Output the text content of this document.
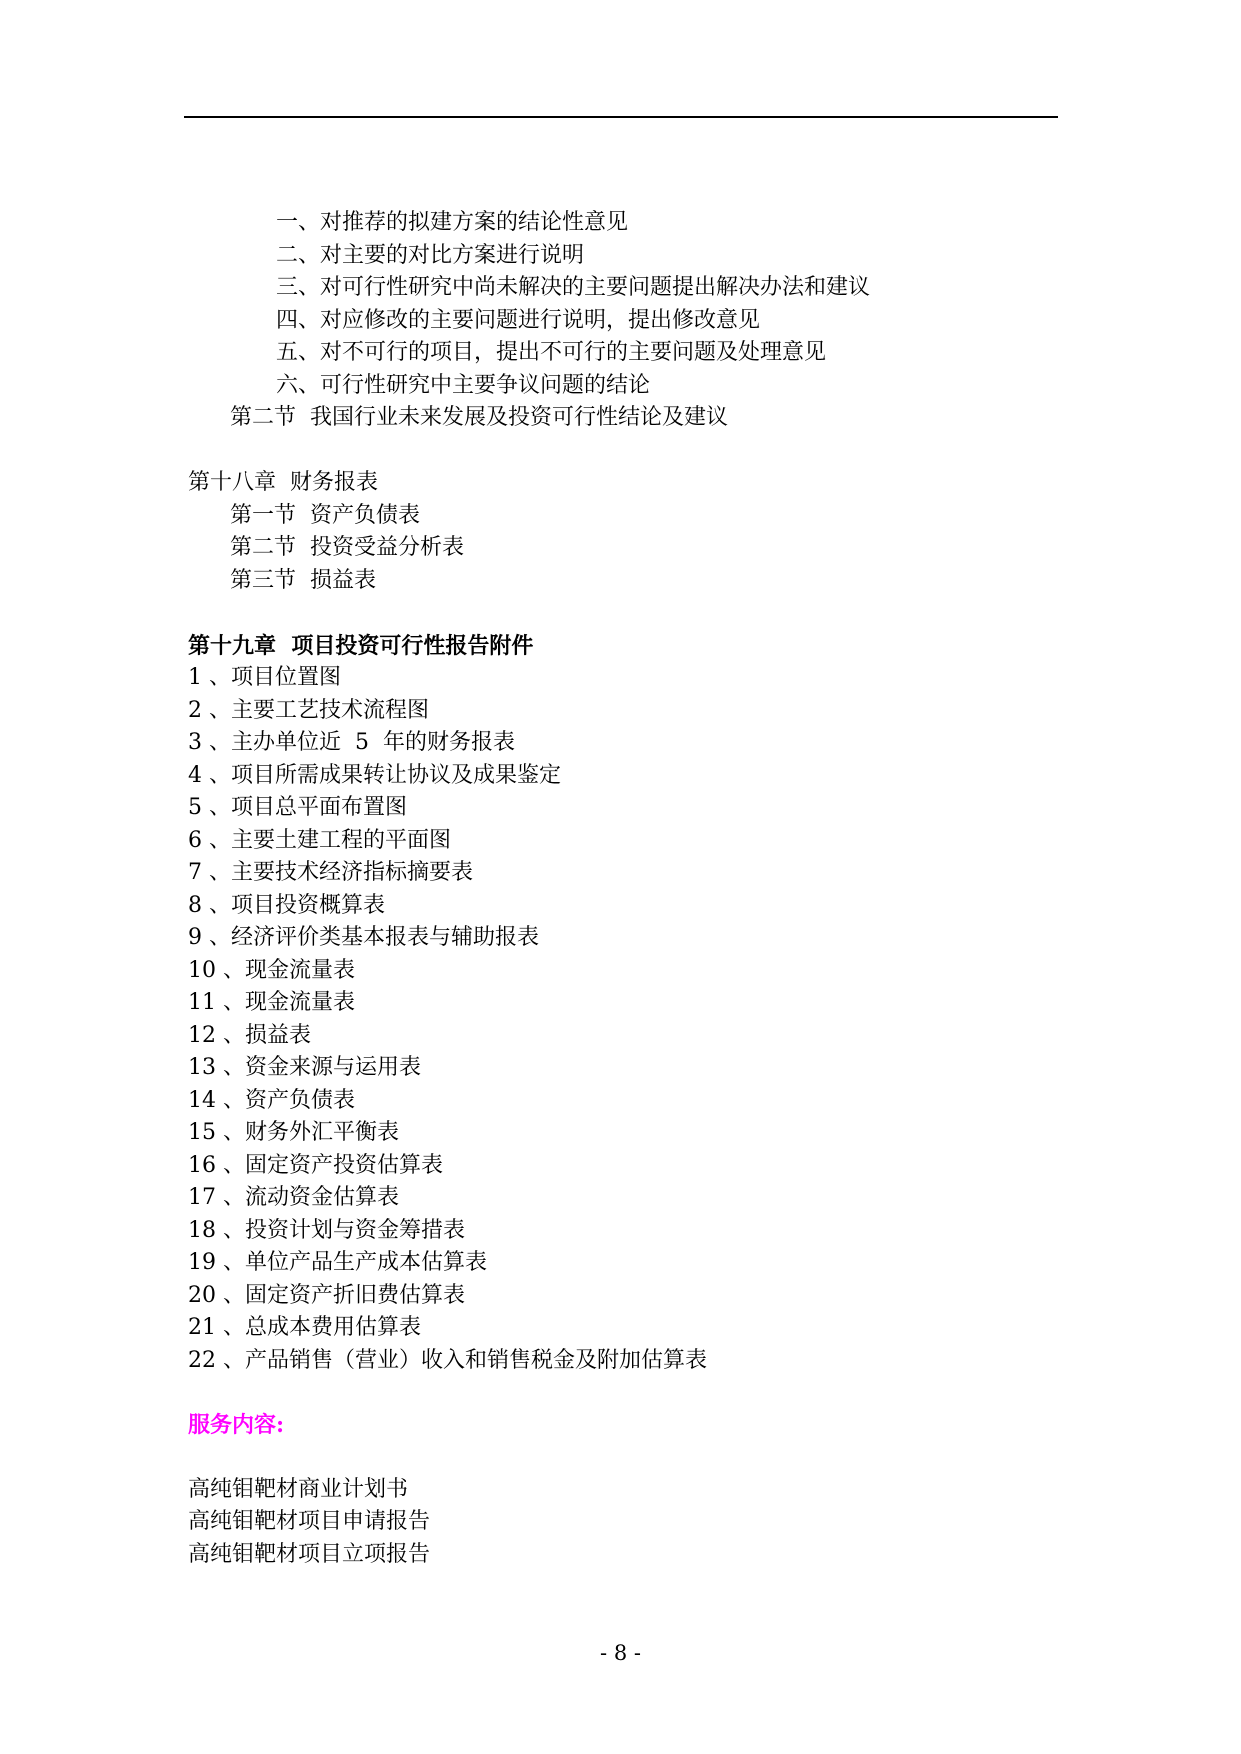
一、对推荐的拟建方案的结论性意见
二、对主要的对比方案进行说明
三、对可行性研究中尚未解决的主要问题提出解决办法和建议
四、对应修改的主要问题进行说明，提出修改意见
五、对不可行的项目，提出不可行的主要问题及处理意见
六、可行性研究中主要争议问题的结论
第二节  我国行业未来发展及投资可行性结论及建议
第十八章  财务报表
第一节  资产负债表
第二节  投资受益分析表
第三节  损益表
第十九章  项目投资可行性报告附件
1 、项目位置图
2 、主要工艺技术流程图
3 、主办单位近  5  年的财务报表
4 、项目所需成果转让协议及成果鉴定
5 、项目总平面布置图
6 、主要土建工程的平面图
7 、主要技术经济指标摘要表
8 、项目投资概算表
9 、经济评价类基本报表与辅助报表
10 、现金流量表
11 、现金流量表
12 、损益表
13 、资金来源与运用表
14 、资产负债表
15 、财务外汇平衡表
16 、固定资产投资估算表
17 、流动资金估算表
18 、投资计划与资金筹措表
19 、单位产品生产成本估算表
20 、固定资产折旧费估算表
21 、总成本费用估算表
22 、产品销售（营业）收入和销售税金及附加估算表
服务内容:
高纯钼靶材商业计划书
高纯钼靶材项目申请报告
高纯钼靶材项目立项报告
- 8 -
